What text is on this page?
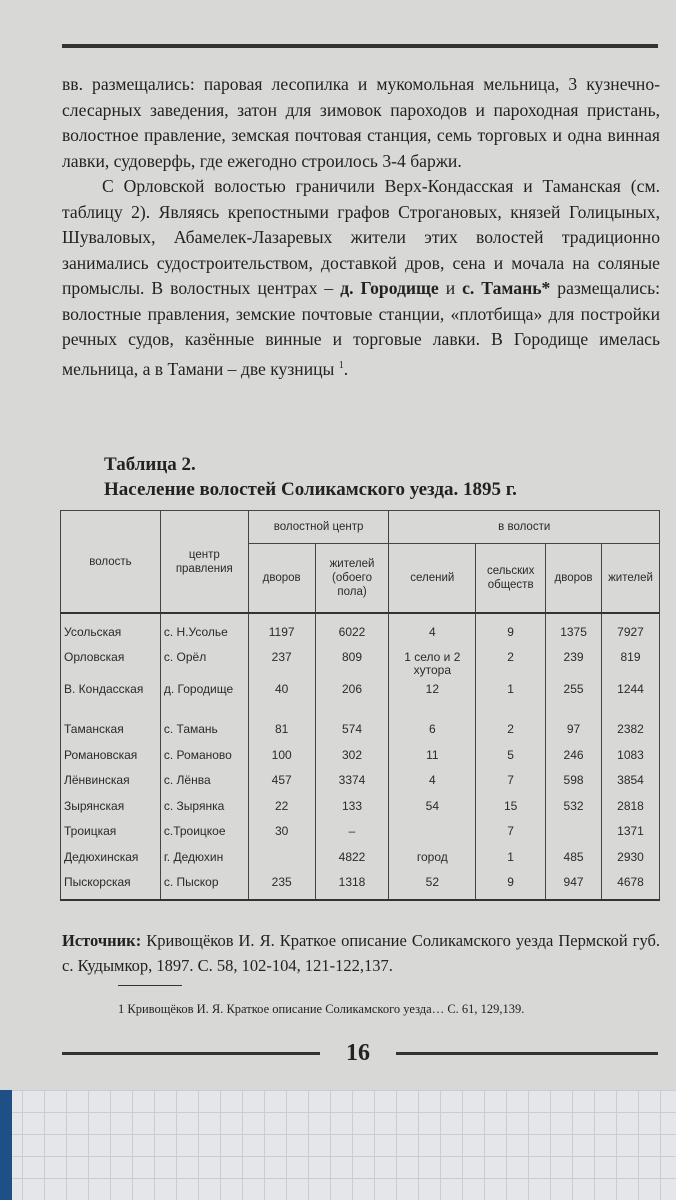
вв. размещались: паровая лесопилка и мукомольная мельница, 3 кузнечно-слесарных заведения, затон для зимовок пароходов и пароходная пристань, волостное правление, земская почтовая станция, семь торговых и одна винная лавки, судоверфь, где ежегодно строилось 3-4 баржи.

С Орловской волостью граничили Верх-Кондасская и Таманская (см. таблицу 2). Являясь крепостными графов Строгановых, князей Голицыных, Шуваловых, Абамелек-Лазаревых жители этих волостей традиционно занимались судостроительством, доставкой дров, сена и мочала на соляные промыслы. В волостных центрах – д. Городище и с. Тамань* размещались: волостные правления, земские почтовые станции, «плотбища» для постройки речных судов, казённые винные и торговые лавки. В Городище имелась мельница, а в Тамани – две кузницы $^1$.

Таблица 2.
Население волостей Соликамского уезда. 1895 г.
волость	центр правления	волостной центр		в волости			
		дворов	жителей (обоего пола)	селений	сельских обществ	дворов	жителей
Усольская	с. Н.Усолье	1197	6022	4	9	1375	7927
Орловская	с. Орёл	237	809	1 село и 2 хутора	2	239	819
В. Кондасская	д. Городище	40	206	12	1	255	1244
Таманская	с. Тамань	81	574	6	2	97	2382
Романовская	с. Романово	100	302	11	5	246	1083
Лёнвинская	с. Лёнва	457	3374	4	7	598	3854
Зырянская	с. Зырянка	22	133	54	15	532	2818
Троицкая	с.Троицкое	30	–		7		1371
Дедюхинская	г. Дедюхин		4822	город	1	485	2930
Пыскорская	с. Пыскор	235	1318	52	9	947	4678
Источник: Кривощёков И. Я. Краткое описание Соликамского уезда Пермской губ. с. Кудымкор, 1897. С. 58, 102-104, 121-122,137.
1 Кривощёков И. Я. Краткое описание Соликамского уезда… С. 61, 129,139.
16
